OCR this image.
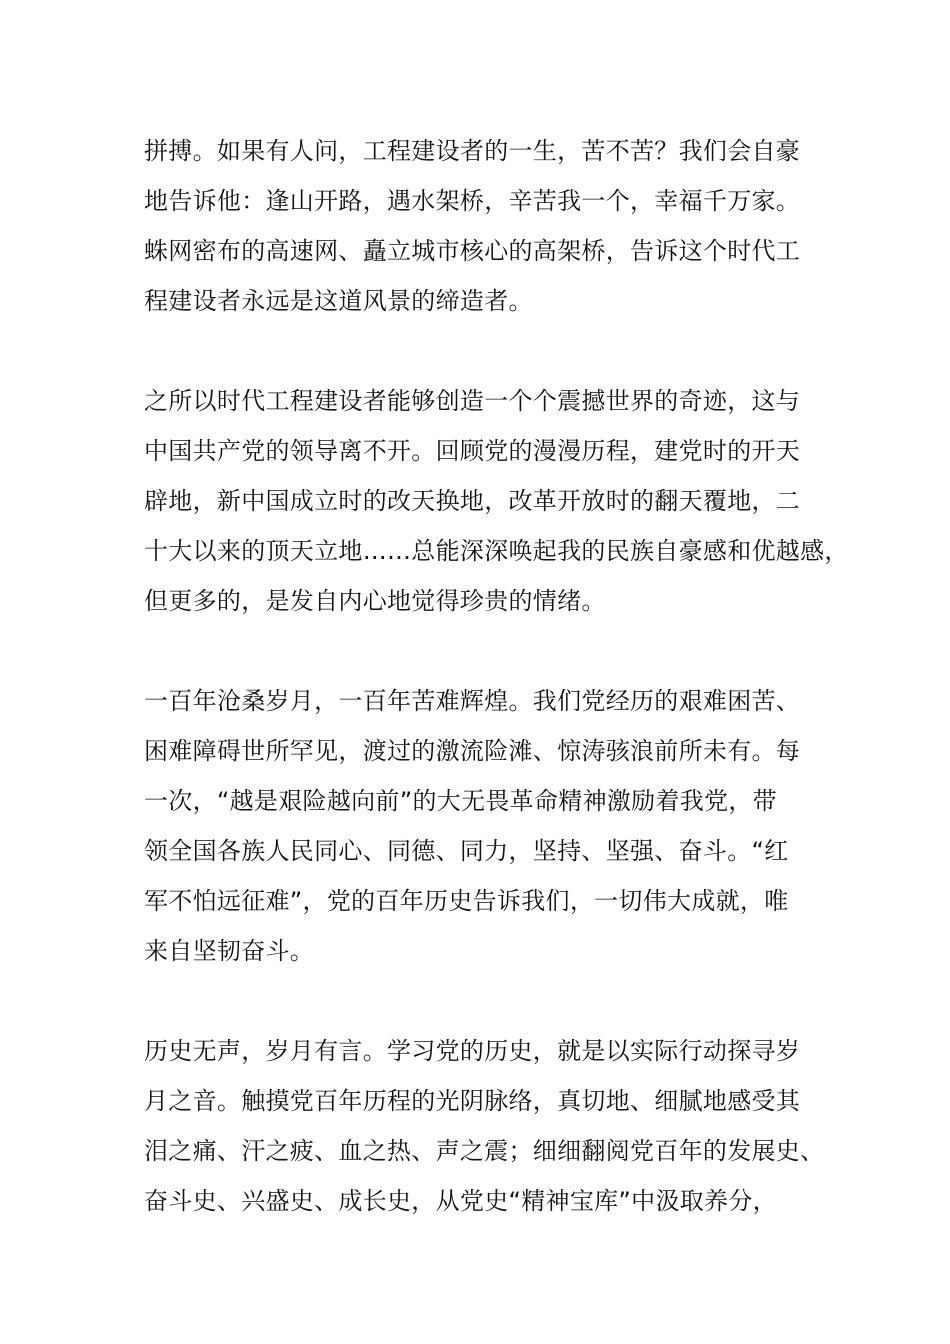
拼搏。如果有人问，工程建设者的一生，苦不苦？我们会自豪
地告诉他：逢山开路，遇水架桥，辛苦我一个，幸福千万家。
蛛网密布的高速网、矗立城市核心的高架桥，告诉这个时代工
程建设者永远是这道风景的缔造者。

之所以时代工程建设者能够创造一个个震撼世界的奇迹，这与
中国共产党的领导离不开。回顾党的漫漫历程，建党时的开天
辟地，新中国成立时的改天换地，改革开放时的翻天覆地，二
十大以来的顶天立地……总能深深唤起我的民族自豪感和优越感，
但更多的，是发自内心地觉得珍贵的情绪。

一百年沧桑岁月，一百年苦难辉煌。我们党经历的艰难困苦、
困难障碍世所罕见，渡过的激流险滩、惊涛骇浪前所未有。每
一次，“越是艰险越向前”的大无畏革命精神激励着我党，带
领全国各族人民同心、同德、同力，坚持、坚强、奋斗。“红
军不怕远征难”，党的百年历史告诉我们，一切伟大成就，唯
来自坚韧奋斗。

历史无声，岁月有言。学习党的历史，就是以实际行动探寻岁
月之音。触摸党百年历程的光阴脉络，真切地、细腻地感受其
泪之痛、汗之疲、血之热、声之震；细细翻阅党百年的发展史、
奋斗史、兴盛史、成长史，从党史“精神宝库”中汲取养分，
